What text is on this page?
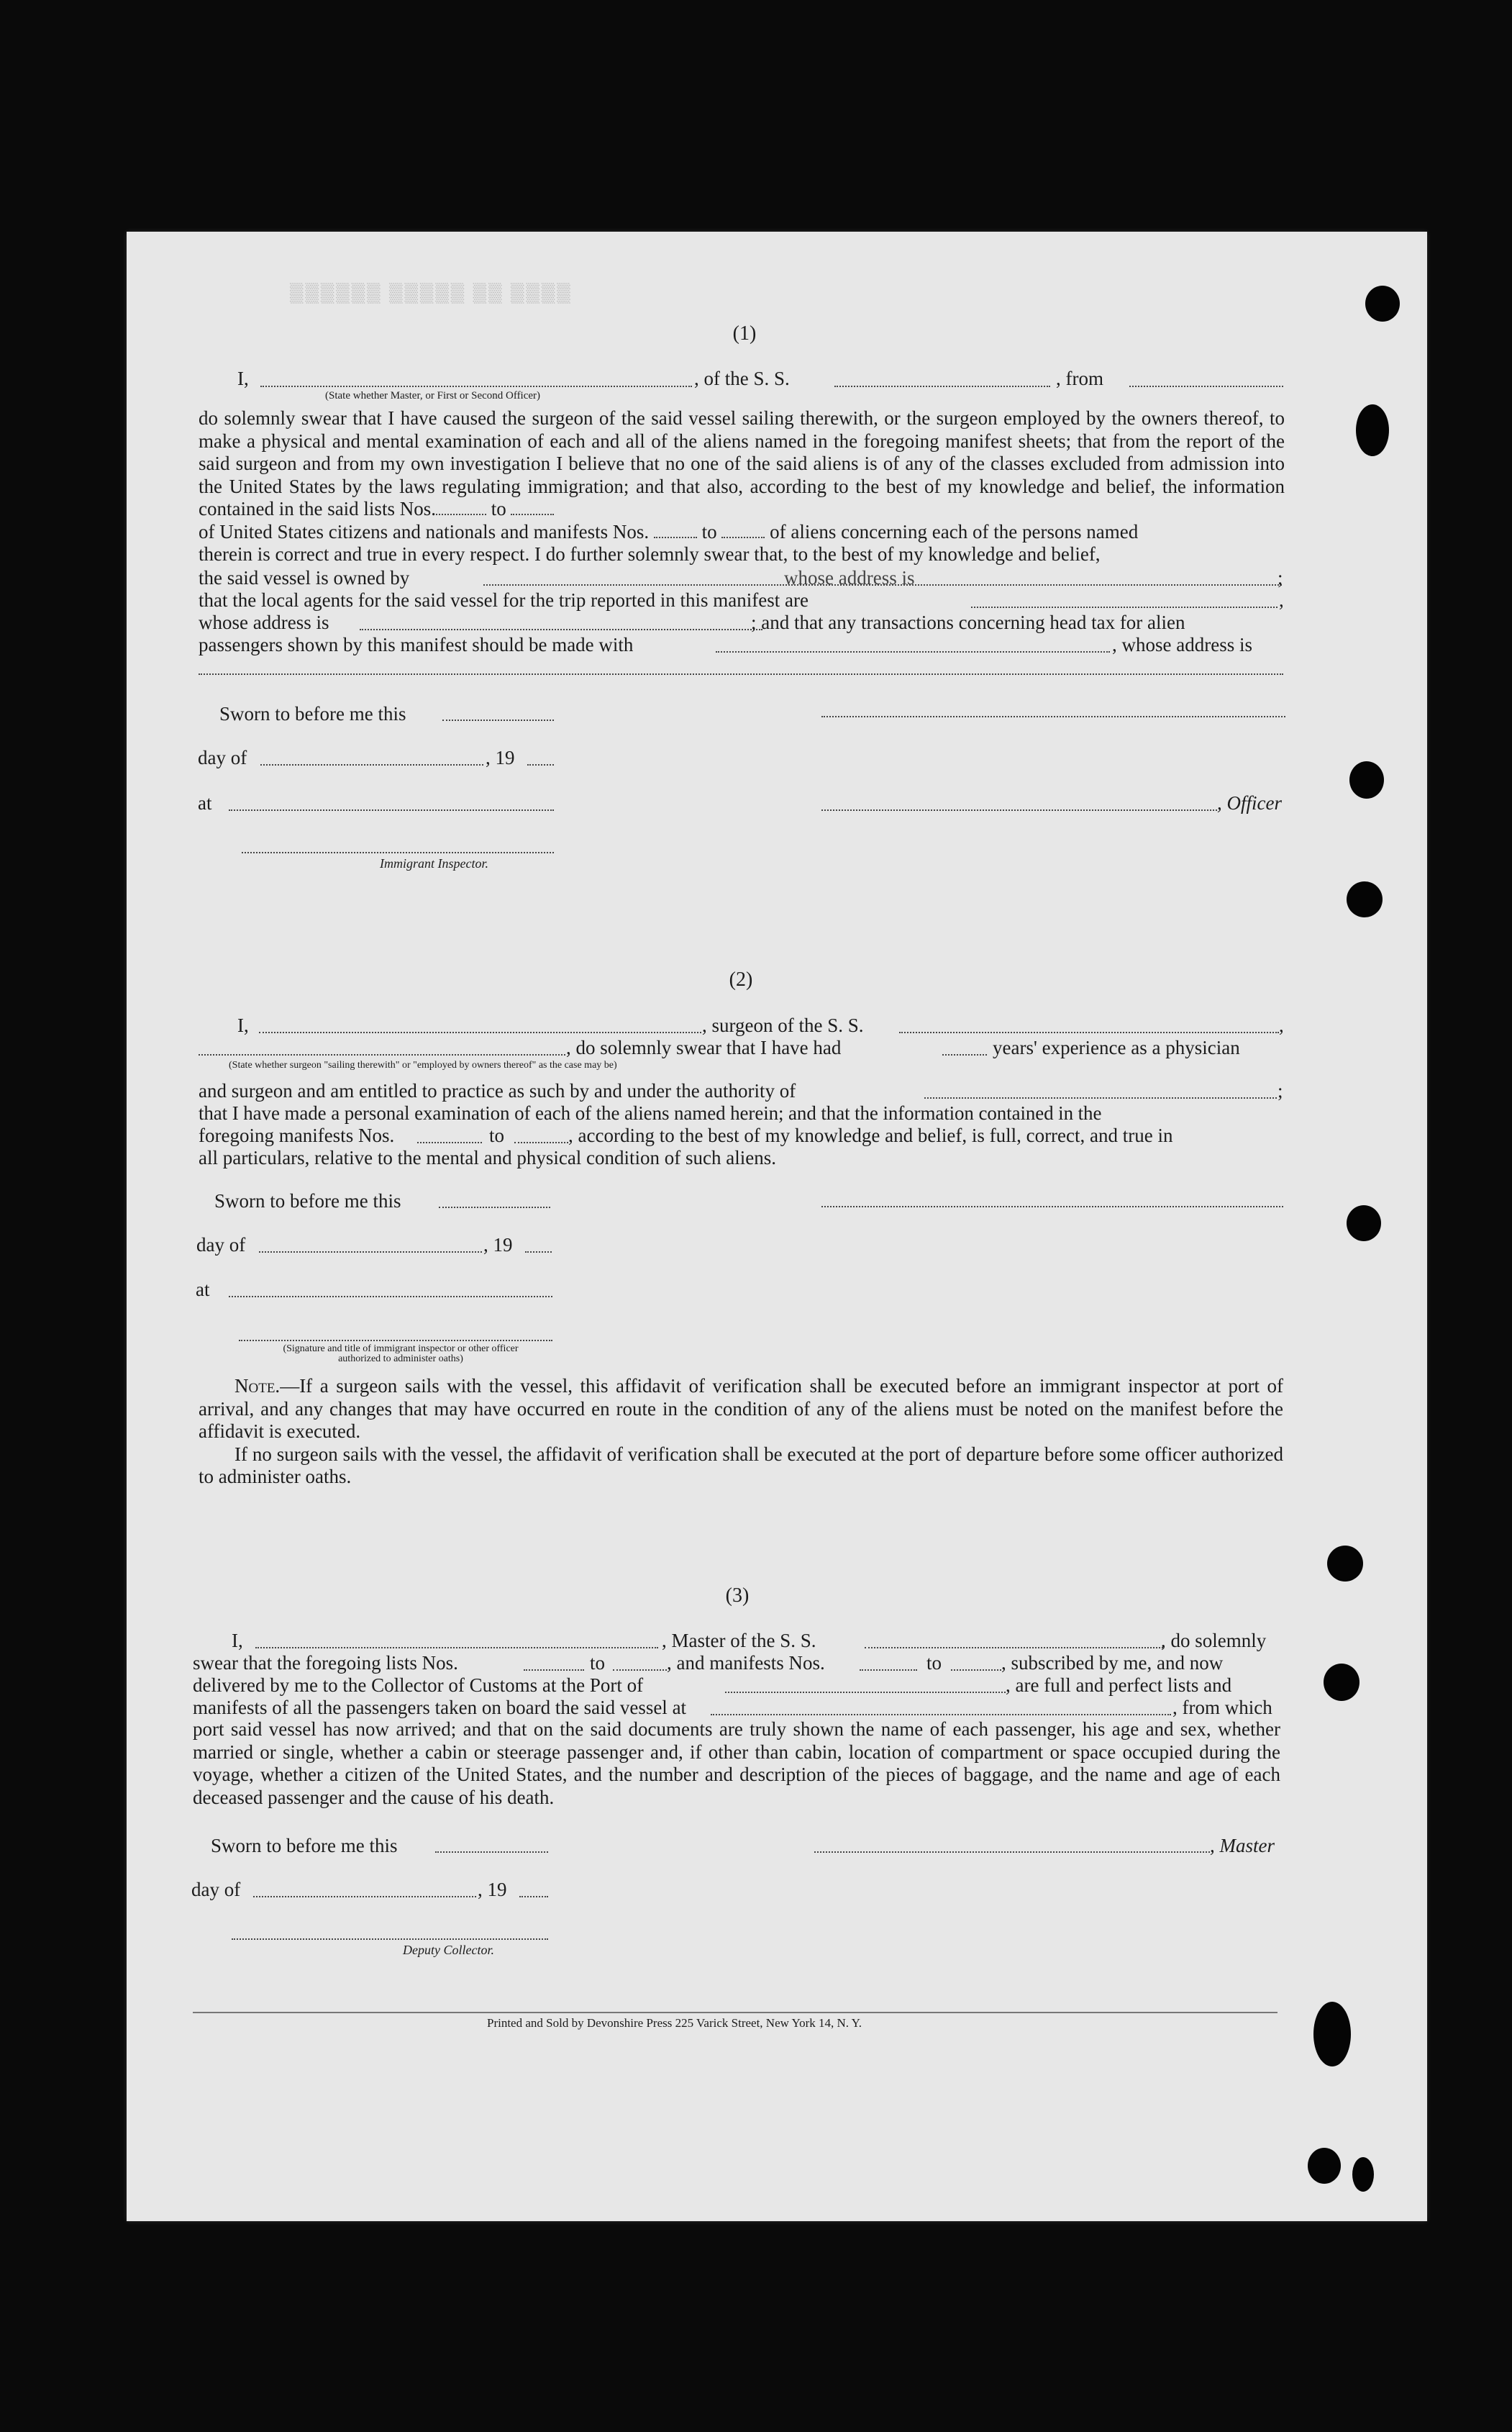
▒▒▒▒ ▒▒ ▒▒▒▒▒ ▒▒▒▒▒▒
(1)
I,	, of the S. S.	, from
(State whether Master, or First or Second Officer)

do solemnly swear that I have caused the surgeon of the said vessel sailing therewith, or the surgeon employed by the owners thereof, to make a physical and mental examination of each and all of the aliens named in the foregoing manifest sheets; that from the report of the said surgeon and from my own investigation I believe that no one of the said aliens is of any of the classes excluded from admission into the United States by the laws regulating immigration; and that also, according to the best of my knowledge and belief, the information contained in the said lists Nos.	to

of United States citizens and nationals and manifests Nos.	to	of aliens concerning each of the persons named

therein is correct and true in every respect. I do further solemnly swear that, to the best of my knowledge and belief,

the said vessel is owned by	whose address is	;
that the local agents for the said vessel for the trip reported in this manifest are	,
whose address is	; and that any transactions concerning head tax for alien
passengers shown by this manifest should be made with	, whose address is
Sworn to before me this
day of	, 19
at	, Officer
Immigrant Inspector.
(2)
I,	, surgeon of the S. S.	,
, do solemnly swear that I have had	years' experience as a physician
(State whether surgeon "sailing therewith" or "employed by owners thereof" as the case may be)
and surgeon and am entitled to practice as such by and under the authority of	;
that I have made a personal examination of each of the aliens named herein; and that the information contained in the
foregoing manifests Nos.	to	, according to the best of my knowledge and belief, is full, correct, and true in
all particulars, relative to the mental and physical condition of such aliens.
Sworn to before me this
day of	, 19
at
(Signature and title of immigrant inspector or other officer authorized to administer oaths)

Note.—If a surgeon sails with the vessel, this affidavit of verification shall be executed before an immigrant inspector at port of arrival, and any changes that may have occurred en route in the condition of any of the aliens must be noted on the manifest before the affidavit is executed.

If no surgeon sails with the vessel, the affidavit of verification shall be executed at the port of departure before some officer authorized to administer oaths.

(3)
I,	, Master of the S. S.	, do solemnly
swear that the foregoing lists Nos.	to	, and manifests Nos.	to	, subscribed by me, and now
delivered by me to the Collector of Customs at the Port of	, are full and perfect lists and
manifests of all the passengers taken on board the said vessel at	, from which

port said vessel has now arrived; and that on the said documents are truly shown the name of each passenger, his age and sex, whether married or single, whether a cabin or steerage passenger and, if other than cabin, location of compartment or space occupied during the voyage, whether a citizen of the United States, and the number and description of the pieces of baggage, and the name and age of each deceased passenger and the cause of his death.

Sworn to before me this	, Master
day of	, 19
Deputy Collector.
Printed and Sold by Devonshire Press 225 Varick Street, New York 14, N. Y.
